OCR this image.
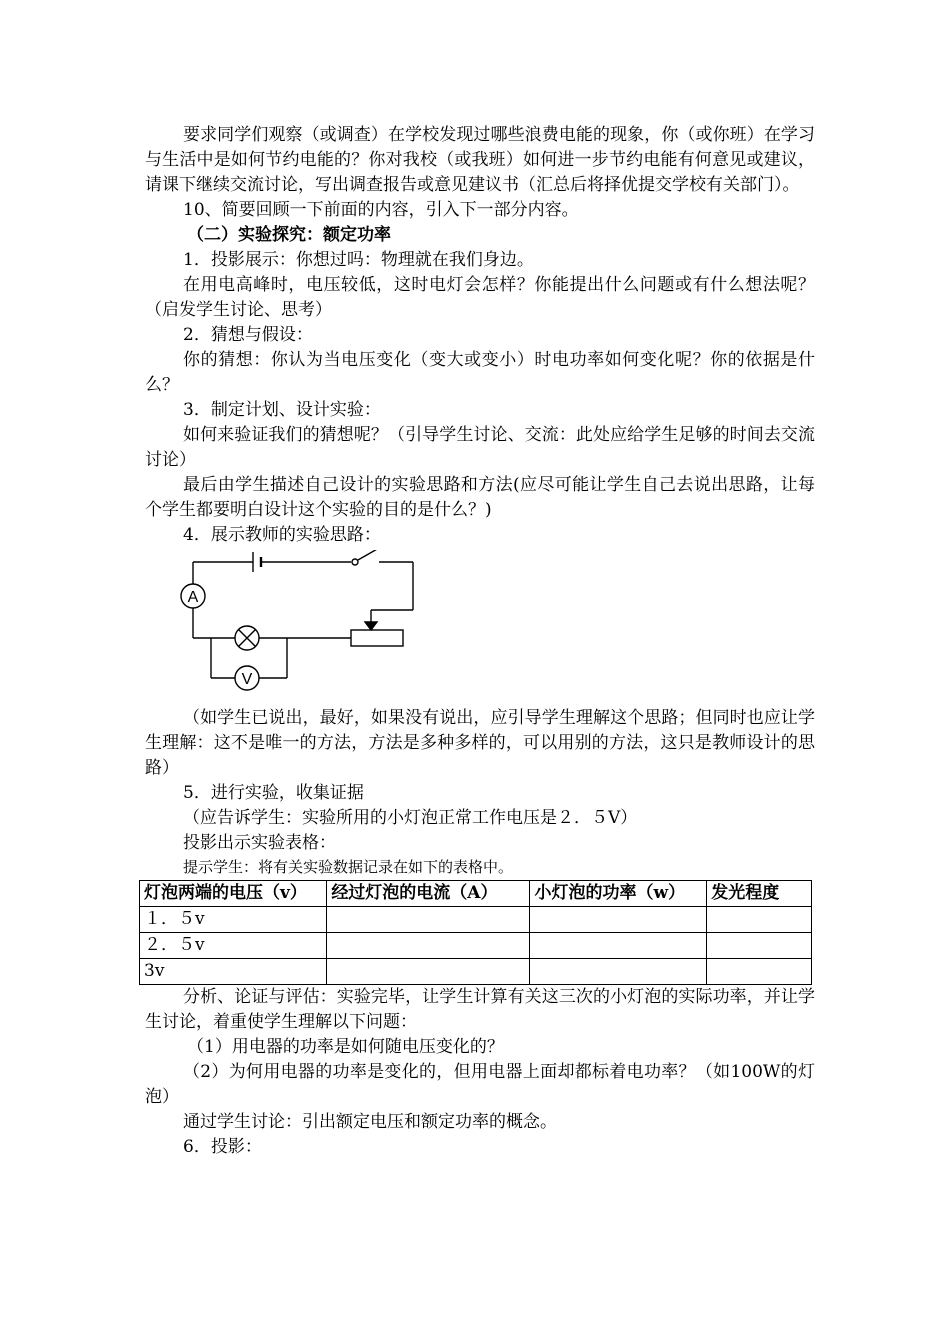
要求同学们观察（或调查）在学校发现过哪些浪费电能的现象，你（或你班）在学习与生活中是如何节约电能的？你对我校（或我班）如何进一步节约电能有何意见或建议，请课下继续交流讨论，写出调查报告或意见建议书（汇总后将择优提交学校有关部门）。

10、简要回顾一下前面的内容，引入下一部分内容。

（二）实验探究：额定功率

1．投影展示：你想过吗：物理就在我们身边。

在用电高峰时，电压较低，这时电灯会怎样？你能提出什么问题或有什么想法呢？（启发学生讨论、思考）

2．猜想与假设：

你的猜想：你认为当电压变化（变大或变小）时电功率如何变化呢？你的依据是什么？

3．制定计划、设计实验：

如何来验证我们的猜想呢？（引导学生讨论、交流：此处应给学生足够的时间去交流讨论）

最后由学生描述自己设计的实验思路和方法(应尽可能让学生自己去说出思路，让每个学生都要明白设计这个实验的目的是什么？)

4．展示教师的实验思路：

A
V

（如学生已说出，最好，如果没有说出，应引导学生理解这个思路；但同时也应让学生理解：这不是唯一的方法，方法是多种多样的，可以用别的方法，这只是教师设计的思路）

5．进行实验，收集证据

（应告诉学生：实验所用的小灯泡正常工作电压是２．５V）

投影出示实验表格：

提示学生：将有关实验数据记录在如下的表格中。

灯泡两端的电压（v）	经过灯泡的电流（A）	小灯泡的功率（w）	发光程度
１．５v			
２．５v			
3v			

分析、论证与评估：实验完毕，让学生计算有关这三次的小灯泡的实际功率，并让学生讨论，着重使学生理解以下问题：

（1）用电器的功率是如何随电压变化的？

（2）为何用电器的功率是变化的，但用电器上面却都标着电功率？（如100W的灯泡）

通过学生讨论：引出额定电压和额定功率的概念。

6．投影：
